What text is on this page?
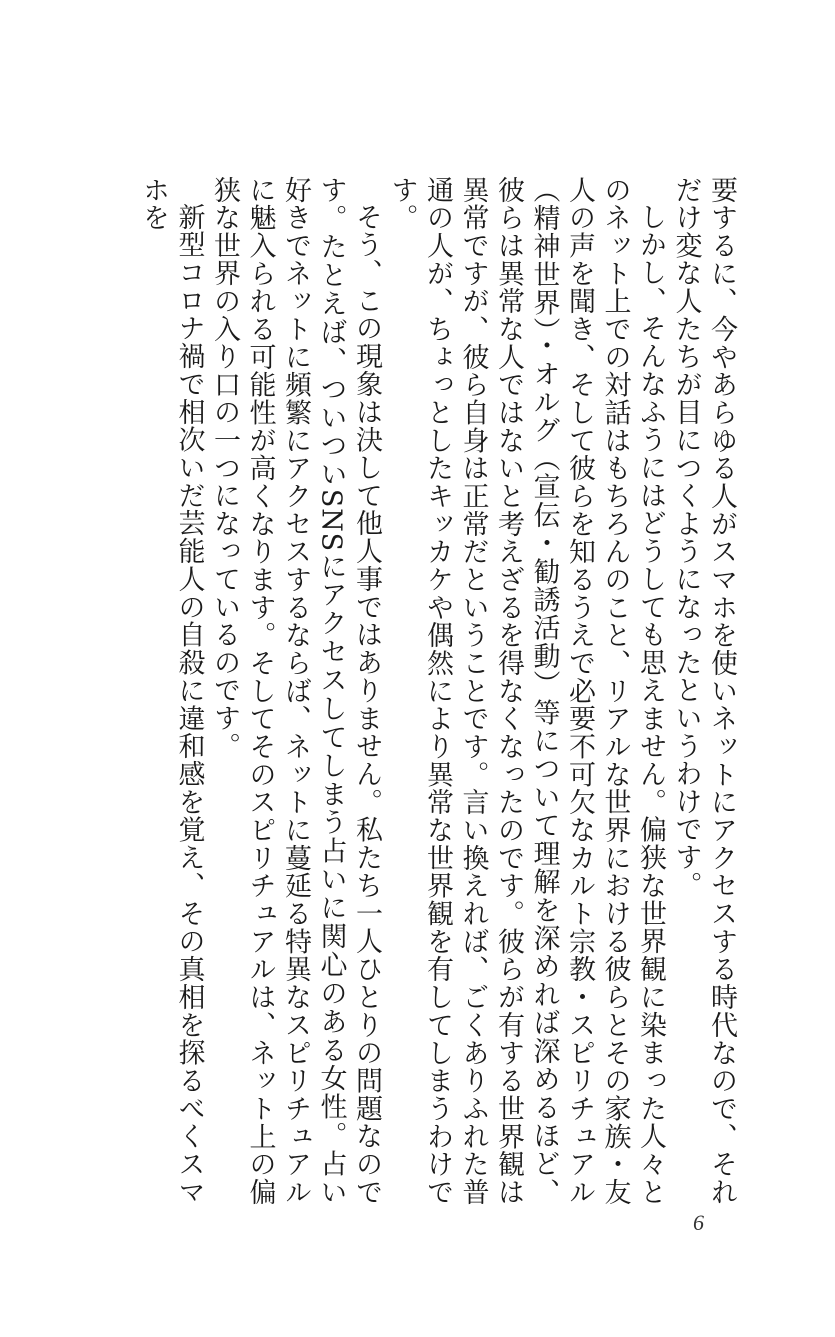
要するに、今やあらゆる人がスマホを使いネットにアクセスする時代なので、それだけ変な人たちが目につくようになったというわけです。

しかし、そんなふうにはどうしても思えません。偏狭な世界観に染まった人々とのネット上での対話はもちろんのこと、リアルな世界における彼らとその家族・友人の声を聞き、そして彼らを知るうえで必要不可欠なカルト宗教・スピリチュアル（精神世界）・オルグ（宣伝・勧誘活動）等について理解を深めれば深めるほど、彼らは異常な人ではないと考えざるを得なくなったのです。彼らが有する世界観は異常ですが、彼ら自身は正常だということです。言い換えれば、ごくありふれた普通の人が、ちょっとしたキッカケや偶然により異常な世界観を有してしまうわけです。

そう、この現象は決して他人事ではありません。私たち一人ひとりの問題なのです。たとえば、ついついSNSにアクセスしてしまう占いに関心のある女性。占い好きでネットに頻繁にアクセスするならば、ネットに蔓延る特異なスピリチュアルに魅入られる可能性が高くなります。そしてそのスピリチュアルは、ネット上の偏狭な世界の入り口の一つになっているのです。

新型コロナ禍で相次いだ芸能人の自殺に違和感を覚え、その真相を探るべくスマホを

6
